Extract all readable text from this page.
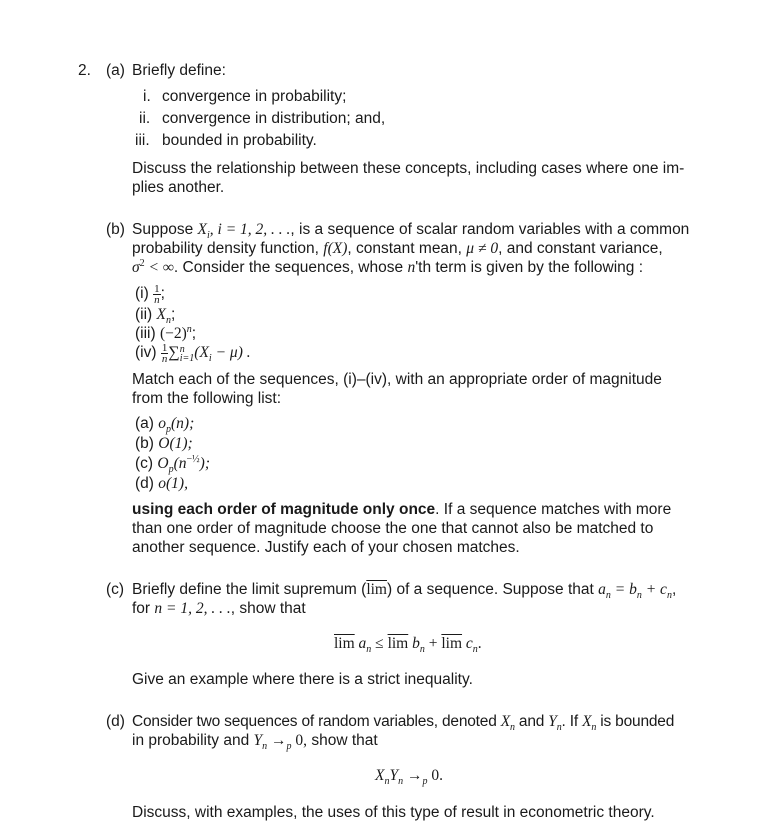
2. (a) Briefly define:
i. convergence in probability;
ii. convergence in distribution; and,
iii. bounded in probability.
Discuss the relationship between these concepts, including cases where one im-
plies another.
(b) Suppose $X_i$, i = 1, 2, . . ., is a sequence of scalar random variables with a common
probability density function, f(X), constant mean, μ ≠ 0, and constant variance,
$\sigma^2$ < ∞. Consider the sequences, whose n'th term is given by the following :
$(i) \frac{1}{n}$ ;
(ii) $X_n$;
(iii) $(-2)^n$;
$(iv) \frac{1}{n}$ ∑ n
i=1 $(X_i - \mu)$ .
Match each of the sequences, (i)–(iv), with an appropriate order of magnitude
from the following list:
(a) $o_p(n)$;
(b) O(1);
(c) $O_p(n^{-\frac{1}{2}})$;
(d) o(1),
using each order of magnitude only once. If a sequence matches with more
than one order of magnitude choose the one that cannot also be matched to
another sequence. Justify each of your chosen matches.
(c) Briefly define the limit supremum $(\overline{lim})$ of a sequence. Suppose that $a_n = b_n + c_n$,
for n = 1, 2, . . ., show that
$\overline{lim}$ $a_n \le \overline{lim}$ $b_n + \overline{lim}$ $c_n$.
Give an example where there is a strict inequality.
(d) Consider two sequences of random variables, denoted $X_n$ and $Y_n$. If $X_n$ is bounded
in probability and $Y_n \to_p$ 0, show that
$X_nY_n \to_p$ 0.
Discuss, with examples, the uses of this type of result in econometric theory.
